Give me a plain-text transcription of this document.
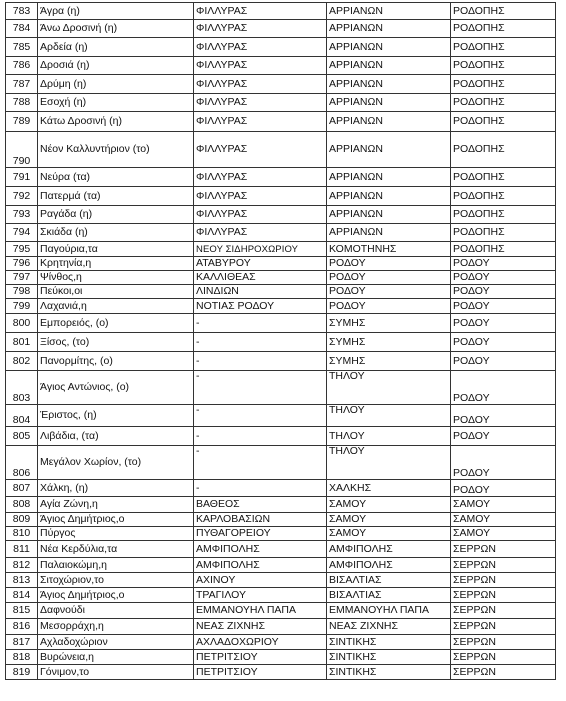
783	Άγρα (η)	ΦΙΛΛΥΡΑΣ	ΑΡΡΙΑΝΩΝ	ΡΟΔΟΠΗΣ
784	Άνω Δροσινή (η)	ΦΙΛΛΥΡΑΣ	ΑΡΡΙΑΝΩΝ	ΡΟΔΟΠΗΣ
785	Αρδεία (η)	ΦΙΛΛΥΡΑΣ	ΑΡΡΙΑΝΩΝ	ΡΟΔΟΠΗΣ
786	Δροσιά (η)	ΦΙΛΛΥΡΑΣ	ΑΡΡΙΑΝΩΝ	ΡΟΔΟΠΗΣ
787	Δρύμη (η)	ΦΙΛΛΥΡΑΣ	ΑΡΡΙΑΝΩΝ	ΡΟΔΟΠΗΣ
788	Εσοχή (η)	ΦΙΛΛΥΡΑΣ	ΑΡΡΙΑΝΩΝ	ΡΟΔΟΠΗΣ
789	Κάτω Δροσινή (η)	ΦΙΛΛΥΡΑΣ	ΑΡΡΙΑΝΩΝ	ΡΟΔΟΠΗΣ
790	Νέον Καλλυντήριον (το)	ΦΙΛΛΥΡΑΣ	ΑΡΡΙΑΝΩΝ	ΡΟΔΟΠΗΣ
791	Νεύρα (τα)	ΦΙΛΛΥΡΑΣ	ΑΡΡΙΑΝΩΝ	ΡΟΔΟΠΗΣ
792	Πατερμά (τα)	ΦΙΛΛΥΡΑΣ	ΑΡΡΙΑΝΩΝ	ΡΟΔΟΠΗΣ
793	Ραγάδα (η)	ΦΙΛΛΥΡΑΣ	ΑΡΡΙΑΝΩΝ	ΡΟΔΟΠΗΣ
794	Σκιάδα (η)	ΦΙΛΛΥΡΑΣ	ΑΡΡΙΑΝΩΝ	ΡΟΔΟΠΗΣ
795	Παγούρια,τα	ΝΕΟΥ ΣΙΔΗΡΟΧΩΡΙΟΥ	ΚΟΜΟΤΗΝΗΣ	ΡΟΔΟΠΗΣ
796	Κρητηνία,η	ΑΤΑΒΥΡΟΥ	ΡΟΔΟΥ	ΡΟΔΟΥ
797	Ψίνθος,η	ΚΑΛΛΙΘΕΑΣ	ΡΟΔΟΥ	ΡΟΔΟΥ
798	Πεύκοι,οι	ΛΙΝΔΙΩΝ	ΡΟΔΟΥ	ΡΟΔΟΥ
799	Λαχανιά,η	ΝΟΤΙΑΣ ΡΟΔΟΥ	ΡΟΔΟΥ	ΡΟΔΟΥ
800	Εμπορειός, (ο)	-	ΣΥΜΗΣ	ΡΟΔΟΥ
801	Ξίσος, (το)	-	ΣΥΜΗΣ	ΡΟΔΟΥ
802	Πανορμίτης, (ο)	-	ΣΥΜΗΣ	ΡΟΔΟΥ
803	Άγιος Αντώνιος, (ο)	-	ΤΗΛΟΥ	ΡΟΔΟΥ
804	Έριστος, (η)	-	ΤΗΛΟΥ	ΡΟΔΟΥ
805	Λιβάδια, (τα)	-	ΤΗΛΟΥ	ΡΟΔΟΥ
806	Μεγάλον Χωρίον, (το)	-	ΤΗΛΟΥ	ΡΟΔΟΥ
807	Χάλκη, (η)	-	ΧΑΛΚΗΣ	ΡΟΔΟΥ
808	Αγία Ζώνη,η	ΒΑΘΕΟΣ	ΣΑΜΟΥ	ΣΑΜΟΥ
809	Άγιος Δημήτριος,ο	ΚΑΡΛΟΒΑΣΙΩΝ	ΣΑΜΟΥ	ΣΑΜΟΥ
810	Πύργος	ΠΥΘΑΓΟΡΕΙΟΥ	ΣΑΜΟΥ	ΣΑΜΟΥ
811	Νέα Κερδύλια,τα	ΑΜΦΙΠΟΛΗΣ	ΑΜΦΙΠΟΛΗΣ	ΣΕΡΡΩΝ
812	Παλαιοκώμη,η	ΑΜΦΙΠΟΛΗΣ	ΑΜΦΙΠΟΛΗΣ	ΣΕΡΡΩΝ
813	Σιτοχώριον,το	ΑΧΙΝΟΥ	ΒΙΣΑΛΤΙΑΣ	ΣΕΡΡΩΝ
814	Άγιος Δημήτριος,ο	ΤΡΑΓΙΛΟΥ	ΒΙΣΑΛΤΙΑΣ	ΣΕΡΡΩΝ
815	Δαφνούδι	ΕΜΜΑΝΟΥΗΛ ΠΑΠΑ	ΕΜΜΑΝΟΥΗΛ ΠΑΠΑ	ΣΕΡΡΩΝ
816	Μεσορράχη,η	ΝΕΑΣ ΖΙΧΝΗΣ	ΝΕΑΣ ΖΙΧΝΗΣ	ΣΕΡΡΩΝ
817	Αχλαδοχώριον	ΑΧΛΑΔΟΧΩΡΙΟΥ	ΣΙΝΤΙΚΗΣ	ΣΕΡΡΩΝ
818	Βυρώνεια,η	ΠΕΤΡΙΤΣΙΟΥ	ΣΙΝΤΙΚΗΣ	ΣΕΡΡΩΝ
819	Γόνιμον,το	ΠΕΤΡΙΤΣΙΟΥ	ΣΙΝΤΙΚΗΣ	ΣΕΡΡΩΝ
